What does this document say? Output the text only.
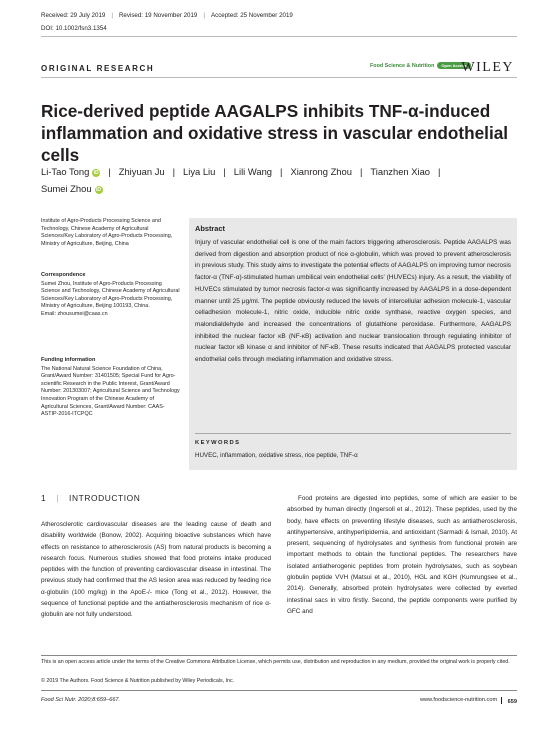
Received: 29 July 2019 | Revised: 19 November 2019 | Accepted: 25 November 2019
DOI: 10.1002/fsn3.1354
ORIGINAL RESEARCH	Food Science & Nutrition Open Access
WILEY
Rice-derived peptide AAGALPS inhibits TNF-α-induced inflammation and oxidative stress in vascular endothelial cells
Li-Tao Tong iD | Zhiyuan Ju | Liya Liu | Lili Wang | Xianrong Zhou | Tianzhen Xiao |
Sumei Zhou iD
Institute of Agro-Products Processing Science and Technology, Chinese Academy of Agricultural Sciences/Key Laboratory of Agro-Products Processing, Ministry of Agriculture, Beijing, China
Correspondence
Sumei Zhou, Institute of Agro-Products Processing Science and Technology, Chinese Academy of Agricultural Sciences/Key Laboratory of Agro-Products Processing, Ministry of Agriculture, Beijing 100193, China.
Email: zhousumei@caas.cn
Funding information
The National Natural Science Foundation of China, Grant/Award Number: 31401505; Special Fund for Agro-scientific Research in the Public Interest, Grant/Award Number: 201303007; Agricultural Science and Technology Innovation Program of the Chinese Academy of Agricultural Sciences, Grant/Award Number: CAAS-ASTIP-2016-ITCPQC
Abstract
Injury of vascular endothelial cell is one of the main factors triggering atherosclerosis. Peptide AAGALPS was derived from digestion and absorption product of rice α-globulin, which was proved to prevent atherosclerosis in previous study. This study aims to investigate the potential effects of AAGALPS on improving tumor necrosis factor-α (TNF-α)-stimulated human umbilical vein endothelial cells' (HUVECs) injury. As a result, the viability of HUVECs stimulated by tumor necrosis factor-α was significantly increased by AAGALPS in a dose-dependent manner until 25 μg/ml. The peptide obviously reduced the levels of intercellular adhesion molecule-1, vascular celladhesion molecule-1, nitric oxide, inducible nitric oxide synthase, reactive oxygen species, and malondialdehyde and increased the concentrations of glutathione peroxidase. Furthermore, AAGALPS inhibited the nuclear factor κB (NF-κB) activation and nuclear translocation through regulating inhibitor of nuclear factor κB kinase α and inhibitor of NF-κB. These results indicated that AAGALPS protected vascular endothelial cells through mediating inflammation and oxidative stress.
KEYWORDS
HUVEC, inflammation, oxidative stress, rice peptide, TNF-α
1 | INTRODUCTION
Atherosclerotic cardiovascular diseases are the leading cause of death and disability worldwide (Bonow, 2002). Acquiring bioactive substances which have effects on resistance to atherosclerosis (AS) from natural products is becoming a research focus. Numerous studies showed that food proteins intake produced peptides with the function of preventing cardiovascular disease in intestinal. The previous study had confirmed that the AS lesion area was reduced by feeding rice α-globulin (100 mg/kg) in the ApoE-/- mice (Tong et al., 2012). However, the sequence of functional peptide and the antiatherosclerosis mechanism of rice α-globulin are not fully understood.
Food proteins are digested into peptides, some of which are easier to be absorbed by human directly (Ingersoll et al., 2012). These peptides, used by the body, have effects on preventing lifestyle diseases, such as antiatherosclerosis, antihypertensive, antihyperlipidemia, and antioxidant (Sarmadi & Ismail, 2010). At present, sequencing of hydrolysates and synthesis from functional protein are important methods to obtain the functional peptides. The researchers have isolated antiatherogenic peptides from protein hydrolysates, such as soybean globulin peptide VVH (Matsui et al., 2010), HGL and KGH (Kumrungsee et al., 2014). Generally, absorbed protein hydrolysates were collected by everted intestinal sacs in vitro firstly. Second, the peptide components were purified by GFC and
This is an open access article under the terms of the Creative Commons Attribution License, which permits use, distribution and reproduction in any medium, provided the original work is properly cited.
© 2019 The Authors. Food Science & Nutrition published by Wiley Periodicals, Inc.
Food Sci Nutr. 2020;8:659–667.	www.foodscience-nutrition.com	659
